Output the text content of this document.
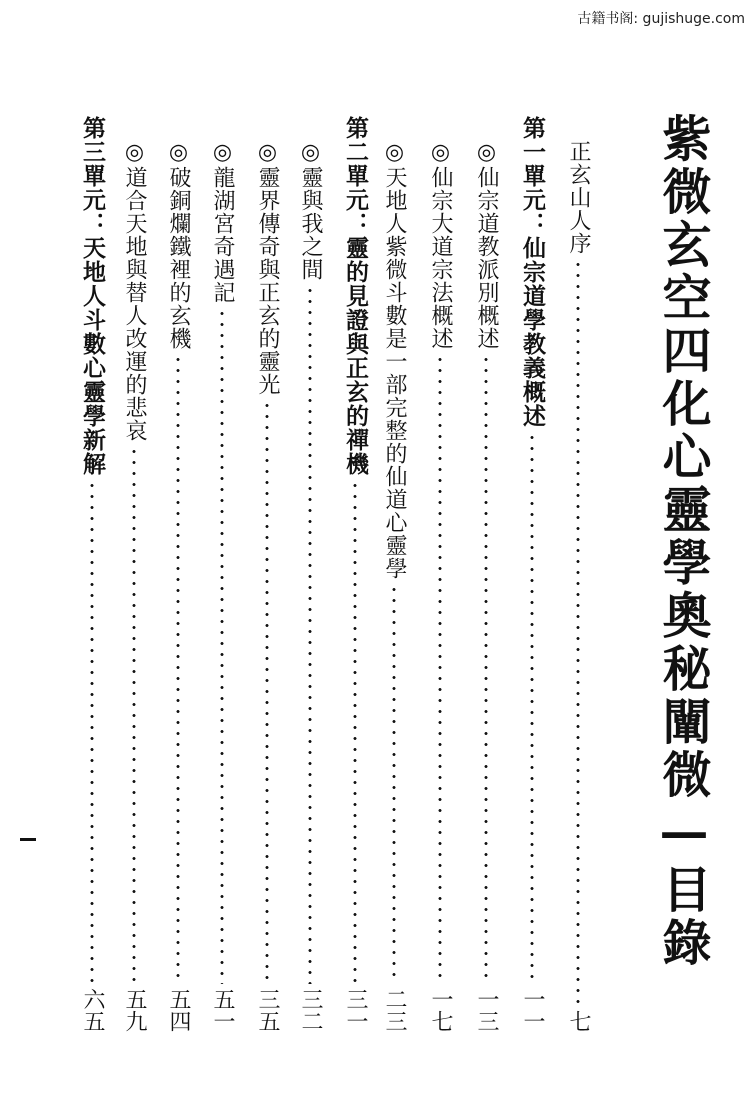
古籍书阁: gujishuge.com
紫微玄空四化心靈學奧秘闡微—目錄
正玄山人序
七
第一單元：仙宗道學教義概述
一一
◎仙宗道教派別概述
一三
◎仙宗大道宗法概述
一七
◎天地人紫微斗數是一部完整的仙道心靈學
二三
第二單元：靈的見證與正玄的禪機
三一
◎靈與我之間
三二
◎靈界傳奇與正玄的靈光
三五
◎龍湖宮奇遇記
五一
◎破銅爛鐵裡的玄機
五四
◎道合天地與替人改運的悲哀
五九
第三單元：天地人斗數心靈學新解
六五
